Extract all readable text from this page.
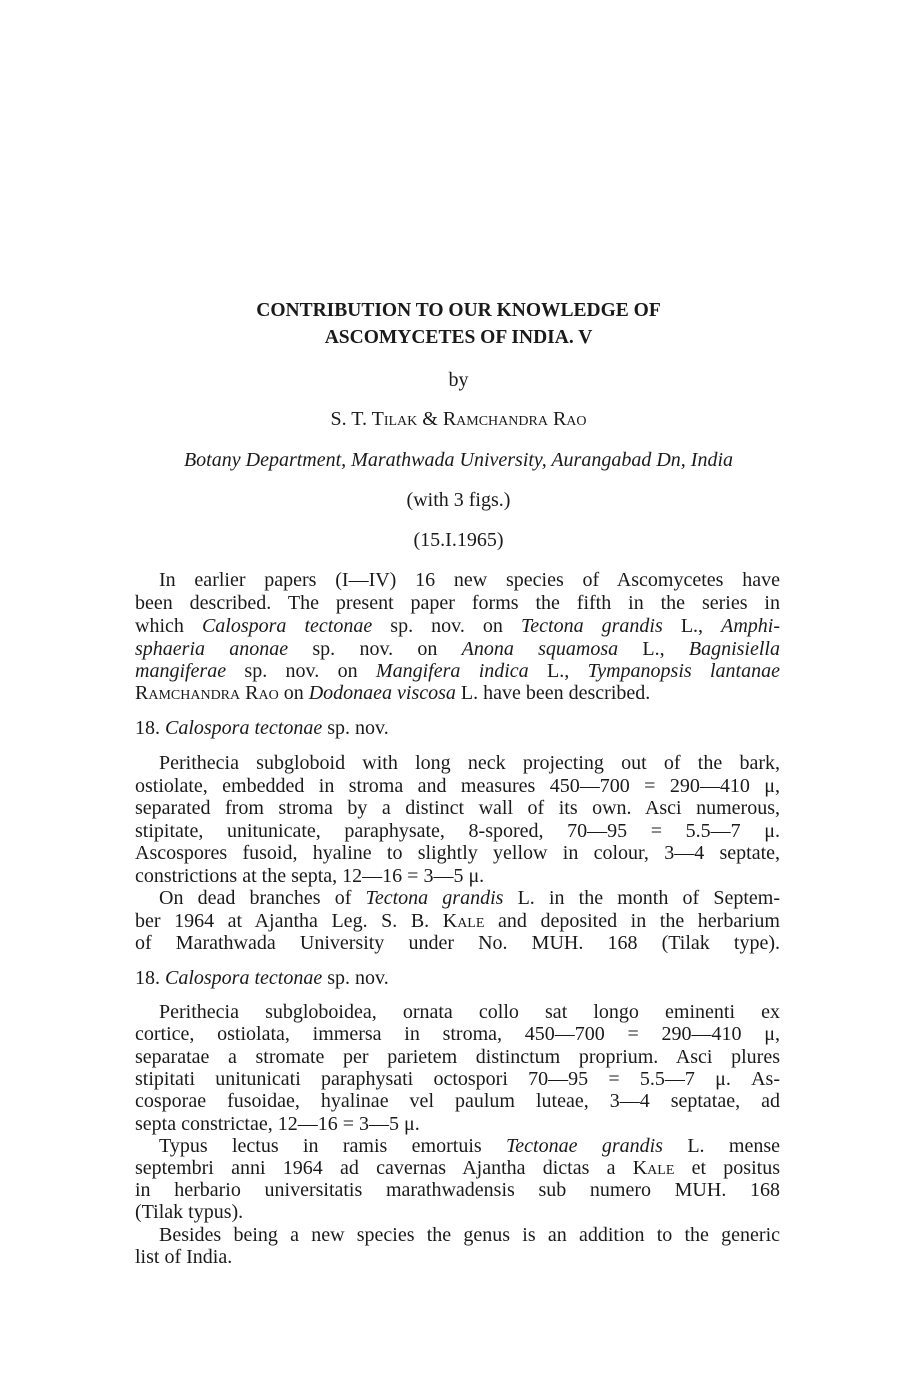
CONTRIBUTION TO OUR KNOWLEDGE OF
ASCOMYCETES OF INDIA. V
by
S. T. Tilak & Ramchandra Rao
Botany Department, Marathwada University, Aurangabad Dn, India
(with 3 figs.)
(15.I.1965)
In earlier papers (I—IV) 16 new species of Ascomycetes have
been described. The present paper forms the fifth in the series in
which Calospora tectonae sp. nov. on Tectona grandis L., Amphi-
sphaeria anonae sp. nov. on Anona squamosa L., Bagnisiella
mangiferae sp. nov. on Mangifera indica L., Tympanopsis lantanae
Ramchandra Rao on Dodonaea viscosa L. have been described.
18. Calospora tectonae sp. nov.
Perithecia subgloboid with long neck projecting out of the bark,
ostiolate, embedded in stroma and measures 450—700 = 290—410 μ,
separated from stroma by a distinct wall of its own. Asci numerous,
stipitate, unitunicate, paraphysate, 8-spored, 70—95 = 5.5—7 μ.
Ascospores fusoid, hyaline to slightly yellow in colour, 3—4 septate,
constrictions at the septa, 12—16 = 3—5 μ.
On dead branches of Tectona grandis L. in the month of Septem-
ber 1964 at Ajantha Leg. S. B. Kale and deposited in the herbarium
of Marathwada University under No. MUH. 168 (Tilak type).
18. Calospora tectonae sp. nov.
Perithecia subgloboidea, ornata collo sat longo eminenti ex
cortice, ostiolata, immersa in stroma, 450—700 = 290—410 μ,
separatae a stromate per parietem distinctum proprium. Asci plures
stipitati unitunicati paraphysati octospori 70—95 = 5.5—7 μ. As-
cosporae fusoidae, hyalinae vel paulum luteae, 3—4 septatae, ad
septa constrictae, 12—16 = 3—5 μ.
Typus lectus in ramis emortuis Tectonae grandis L. mense
septembri anni 1964 ad cavernas Ajantha dictas a Kale et positus
in herbario universitatis marathwadensis sub numero MUH. 168
(Tilak typus).
Besides being a new species the genus is an addition to the generic
list of India.
